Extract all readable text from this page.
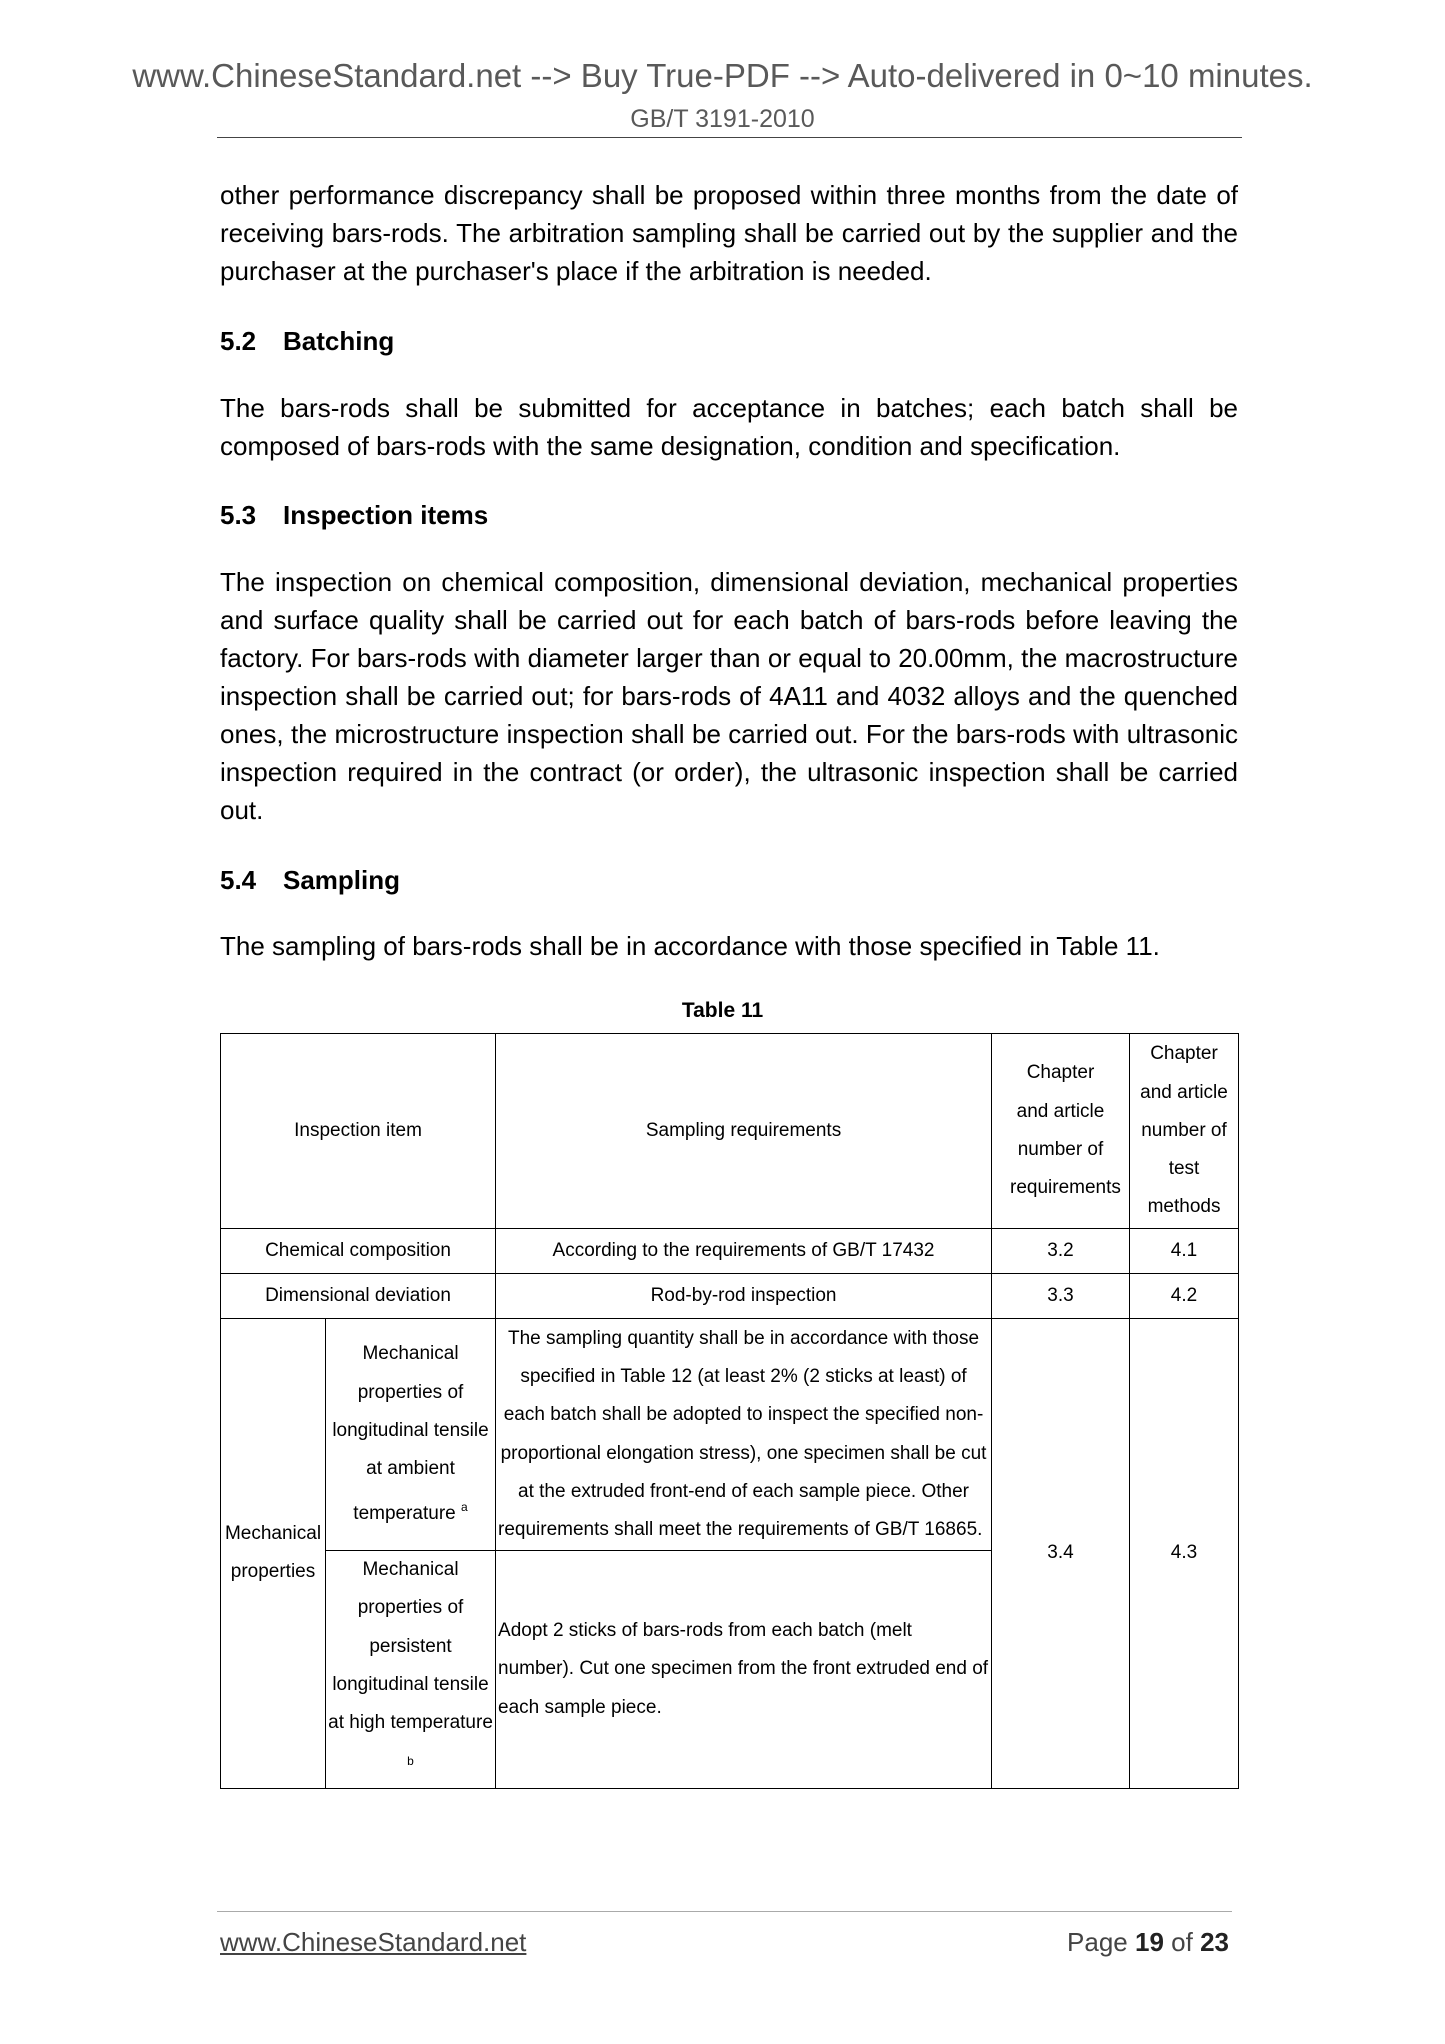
www.ChineseStandard.net --> Buy True-PDF --> Auto-delivered in 0~10 minutes.
GB/T 3191-2010

other performance discrepancy shall be proposed within three months from the date of receiving bars-rods. The arbitration sampling shall be carried out by the supplier and the purchaser at the purchaser's place if the arbitration is needed.

5.2 Batching

The bars-rods shall be submitted for acceptance in batches; each batch shall be composed of bars-rods with the same designation, condition and specification.

5.3 Inspection items

The inspection on chemical composition, dimensional deviation, mechanical properties and surface quality shall be carried out for each batch of bars-rods before leaving the factory. For bars-rods with diameter larger than or equal to 20.00mm, the macrostructure inspection shall be carried out; for bars-rods of 4A11 and 4032 alloys and the quenched ones, the microstructure inspection shall be carried out. For the bars-rods with ultrasonic inspection required in the contract (or order), the ultrasonic inspection shall be carried out.

5.4 Sampling

The sampling of bars-rods shall be in accordance with those specified in Table 11.

Table 11
Inspection item		Sampling requirements	Chapter and article number of requirements	Chapter and article number of test methods
Chemical composition		According to the requirements of GB/T 17432	3.2	4.1
Dimensional deviation		Rod-by-rod inspection	3.3	4.2
Mechanical properties	Mechanical properties of longitudinal tensile at ambient temperature $^a$	The sampling quantity shall be in accordance with those specified in Table 12 (at least 2% (2 sticks at least) of each batch shall be adopted to inspect the specified non-proportional elongation stress), one specimen shall be cut at the extruded front-end of each sample piece. Other requirements shall meet the requirements of GB/T 16865.	3.4	4.3
	Mechanical properties of persistent longitudinal tensile at high temperature $^b$	Adopt 2 sticks of bars-rods from each batch (melt number). Cut one specimen from the front extruded end of each sample piece.		
www.ChineseStandard.net	Page 19 of 23
